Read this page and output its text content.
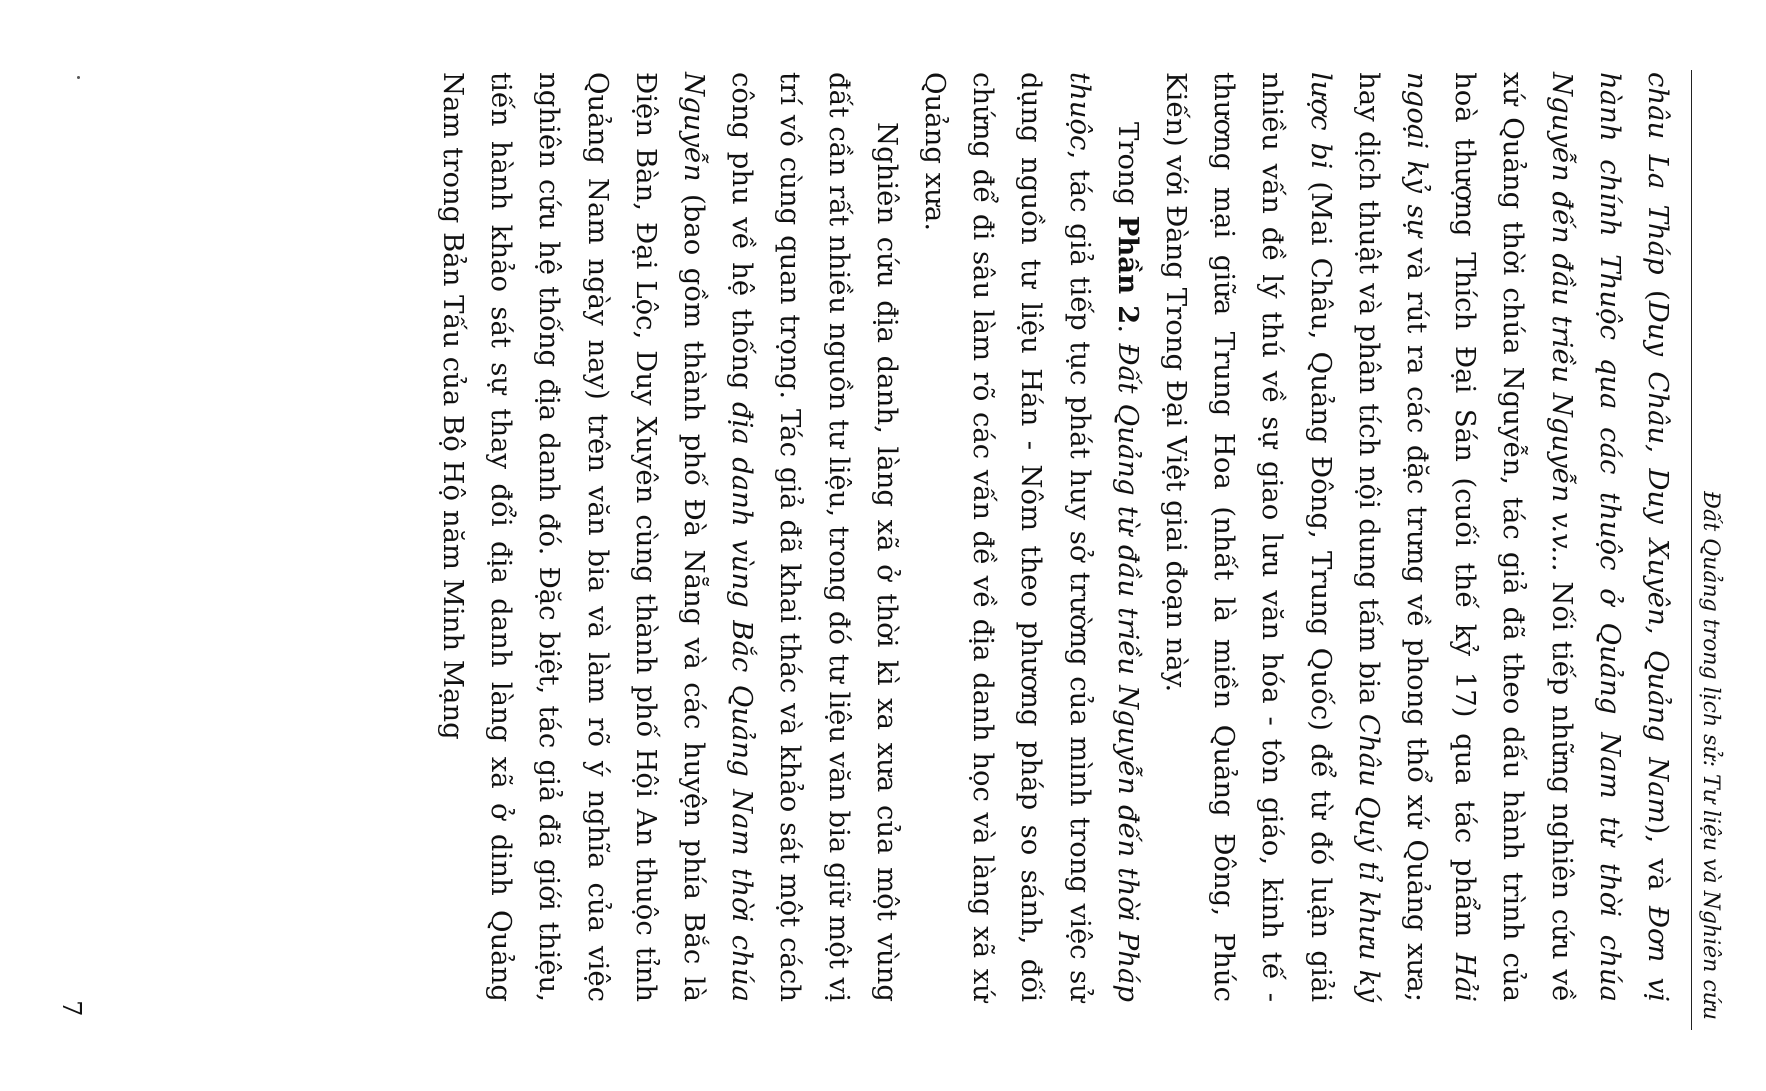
Đất Quảng trong lịch sử: Tư liệu và Nghiên cứu

châu La Tháp (Duy Châu, Duy Xuyên, Quảng Nam), và Đơn vị hành chính Thuộc qua các thuộc ở Quảng Nam từ thời chúa Nguyễn đến đầu triều Nguyễn v.v... Nối tiếp những nghiên cứu về xứ Quảng thời chúa Nguyễn, tác giả đã theo dấu hành trình của hoà thượng Thích Đại Sán (cuối thế kỷ 17) qua tác phẩm Hải ngoại kỷ sự và rút ra các đặc trưng về phong thổ xứ Quảng xưa; hay dịch thuật và phân tích nội dung tấm bia Châu Quý tỉ khưu ký lược bi (Mai Châu, Quảng Đông, Trung Quốc) để từ đó luận giải nhiều vấn đề lý thú về sự giao lưu văn hóa - tôn giáo, kinh tế - thương mại giữa Trung Hoa (nhất là miền Quảng Đông, Phúc Kiến) với Đàng Trong Đại Việt giai đoạn này.

Trong Phần 2. Đất Quảng từ đầu triều Nguyễn đến thời Pháp thuộc, tác giả tiếp tục phát huy sở trường của mình trong việc sử dụng nguồn tư liệu Hán - Nôm theo phương pháp so sánh, đối chứng để đi sâu làm rõ các vấn đề về địa danh học và làng xã xứ Quảng xưa.

Nghiên cứu địa danh, làng xã ở thời kì xa xưa của một vùng đất cần rất nhiều nguồn tư liệu, trong đó tư liệu văn bia giữ một vị trí vô cùng quan trọng. Tác giả đã khai thác và khảo sát một cách công phu về hệ thống địa danh vùng Bắc Quảng Nam thời chúa Nguyễn (bao gồm thành phố Đà Nẵng và các huyện phía Bắc là Điện Bàn, Đại Lộc, Duy Xuyên cùng thành phố Hội An thuộc tỉnh Quảng Nam ngày nay) trên văn bia và làm rõ ý nghĩa của việc nghiên cứu hệ thống địa danh đó. Đặc biệt, tác giả đã giới thiệu, tiến hành khảo sát sự thay đổi địa danh làng xã ở dinh Quảng Nam trong Bản Tấu của Bộ Hộ năm Minh Mạng

7
